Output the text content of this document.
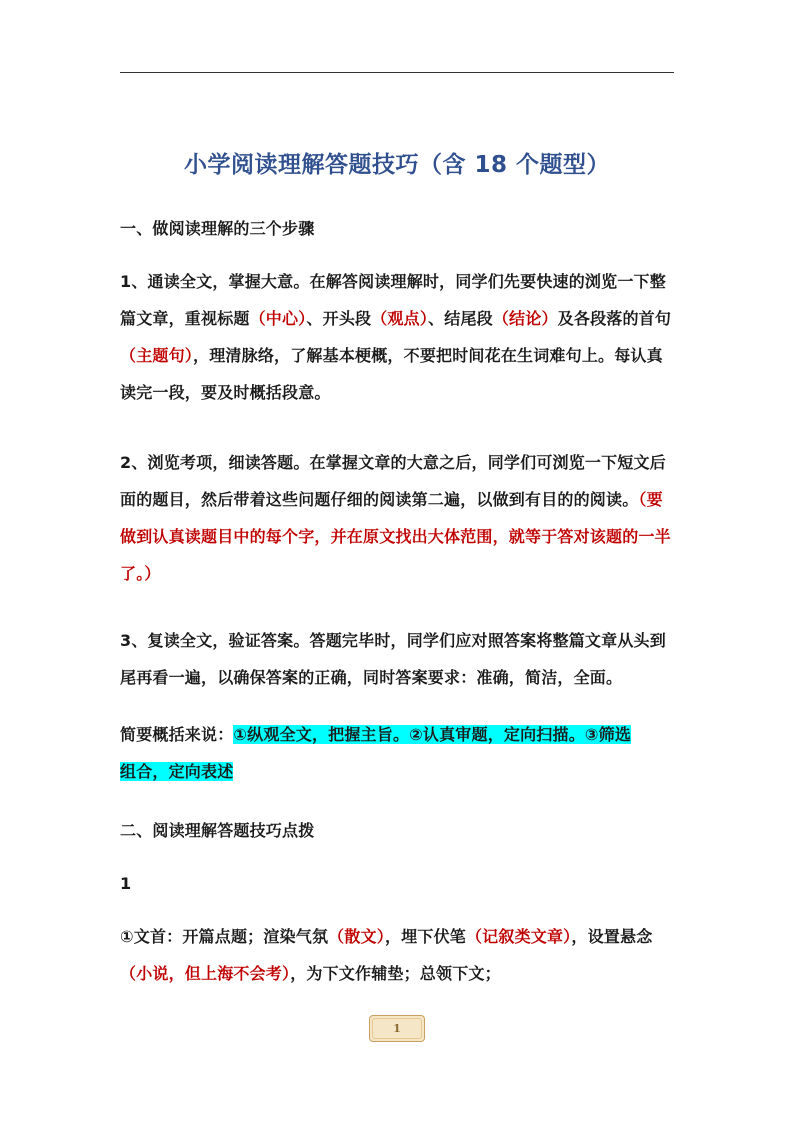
小学阅读理解答题技巧（含 18 个题型）
一、做阅读理解的三个步骤
1、通读全文，掌握大意。在解答阅读理解时，同学们先要快速的浏览一下整篇文章，重视标题（中心）、开头段（观点）、结尾段（结论）及各段落的首句（主题句），理清脉络，了解基本梗概，不要把时间花在生词难句上。每认真读完一段，要及时概括段意。
2、浏览考项，细读答题。在掌握文章的大意之后，同学们可浏览一下短文后面的题目，然后带着这些问题仔细的阅读第二遍，以做到有目的的阅读。（要做到认真读题目中的每个字，并在原文找出大体范围，就等于答对该题的一半了。）
3、复读全文，验证答案。答题完毕时，同学们应对照答案将整篇文章从头到尾再看一遍，以确保答案的正确，同时答案要求：准确，简洁，全面。
简要概括来说：①纵观全文，把握主旨。②认真审题，定向扫描。③筛选
组合，定向表述
二、阅读理解答题技巧点拨
1
①文首：开篇点题；渲染气氛（散文），埋下伏笔（记叙类文章），设置悬念（小说，但上海不会考），为下文作辅垫；总领下文；
1
